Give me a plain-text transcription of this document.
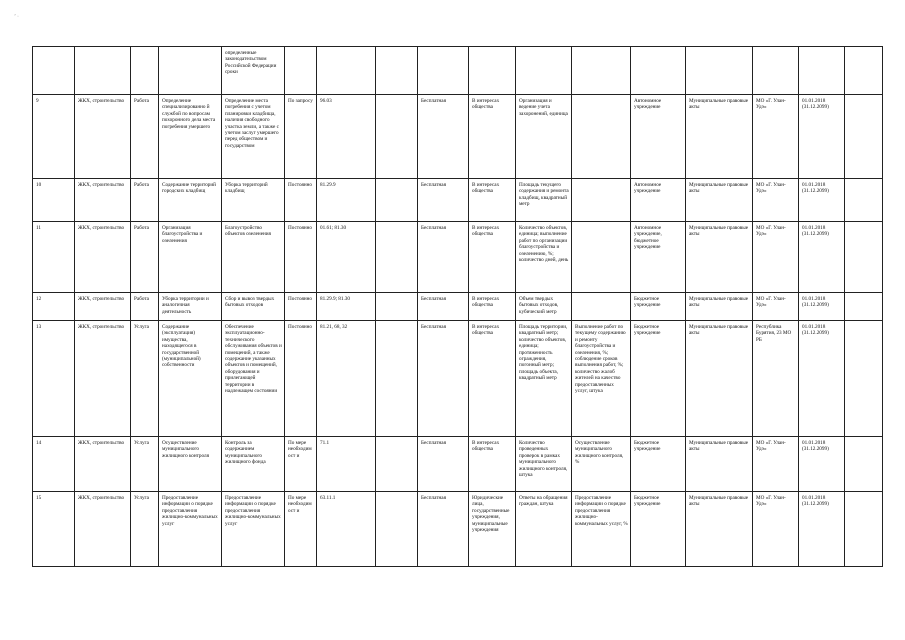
’ ·
				определенные законодательством Российской Федерации сроки												
9	ЖКХ, строительство	Работа	Определение специализированно й службой по вопросам похоронного дела места погребения умершего	Определение места погребения с учетом планировки кладбища, наличия свободного участка земли, а также с учетом заслуг умершего перед обществом и государством	По запросу	96.03		Бесплатная	В интересах общества	Организация и ведение учета захоронений, единица		Автономное учреждение	Муниципальные правовые акты	МО «Г. Улан-Удэ»	01.01.2018 (31.12.2099)	
10	ЖКХ, строительство	Работа	Содержание территорий городских кладбищ	Уборка территорий кладбищ	Постоянно	81.29.9		Бесплатная	В интересах общества	Площадь текущего содержания и ремонта кладбищ, квадратный метр		Автономное учреждение	Муниципальные правовые акты	МО «Г. Улан-Удэ»	01.01.2018 (31.12.2099)	
11	ЖКХ, строительство	Работа	Организация благоустройства и озеленения	Благоустройство объектов озеленения	Постоянно	01.61; 81.30		Бесплатная	В интересах общества	Количество объектов, единица; выполнение работ по организации благоустройства и озеленению, %; количество дней, день		Автономное учреждение, бюджетное учреждение	Муниципальные правовые акты	МО «Г. Улан-Удэ»	01.01.2018 (31.12.2099)	
12	ЖКХ, строительство	Работа	Уборка территории и аналогичная деятельность	Сбор и вывоз твердых бытовых отходов	Постоянно	81.29.9; 81.30		Бесплатная	В интересах общества	Объем твердых бытовых отходов, кубический метр		Бюджетное учреждение	Муниципальные правовые акты	МО «Г. Улан-Удэ»	01.01.2018 (31.12.2099)	
13	ЖКХ, строительство	Услуга	Содержание (эксплуатация) имущества, находящегося в государственной (муниципальной) собственности	Обеспечение эксплуатационно-технического обслуживания объектов и помещений, а также содержание указанных объектов и помещений, оборудования и прилегающей территории в надлежащем состоянии	Постоянно	81.21, 68, 32		Бесплатная	В интересах общества	Площадь территории, квадратный метр; количество объектов, единица; протяженность ограждения, погонный метр; площадь объекта, квадратный метр	Выполнение работ по текущему содержанию и ремонту благоустройства и озеленения, %; соблюдение сроков выполнения работ, %; количество жалоб жителей на качество предоставленных услуг, штука	Бюджетное учреждение	Муниципальные правовые акты	Республика Бурятия, 23 МО РБ	01.01.2018 (31.12.2099)	
14	ЖКХ, строительство	Услуга	Осуществление муниципального жилищного контроля	Контроль за содержанием муниципального жилищного фонда	По мере необходимост и	71.1		Бесплатная	В интересах общества	Количество проведенных проверок в рамках муниципального жилищного контроля, штука	Осуществление муниципального жилищного контроля, %	Бюджетное учреждение	Муниципальные правовые акты	МО «Г. Улан-Удэ»	01.01.2018 (31.12.2099)	
15	ЖКХ, строительство	Услуга	Предоставление информации о порядке предоставления жилищно-коммунальных услуг	Предоставление информации о порядке предоставления жилищно-коммунальных услуг	По мере необходимост и	63.11.1		Бесплатная	Юридические лица, государственные учреждения, муниципальные учреждения	Ответы на обращения граждан, штука	Предоставление информации о порядке предоставления жилищно-коммунальных услуг, %	Бюджетное учреждение	Муниципальные правовые акты	МО «Г. Улан-Удэ»	01.01.2018 (31.12.2099)	
